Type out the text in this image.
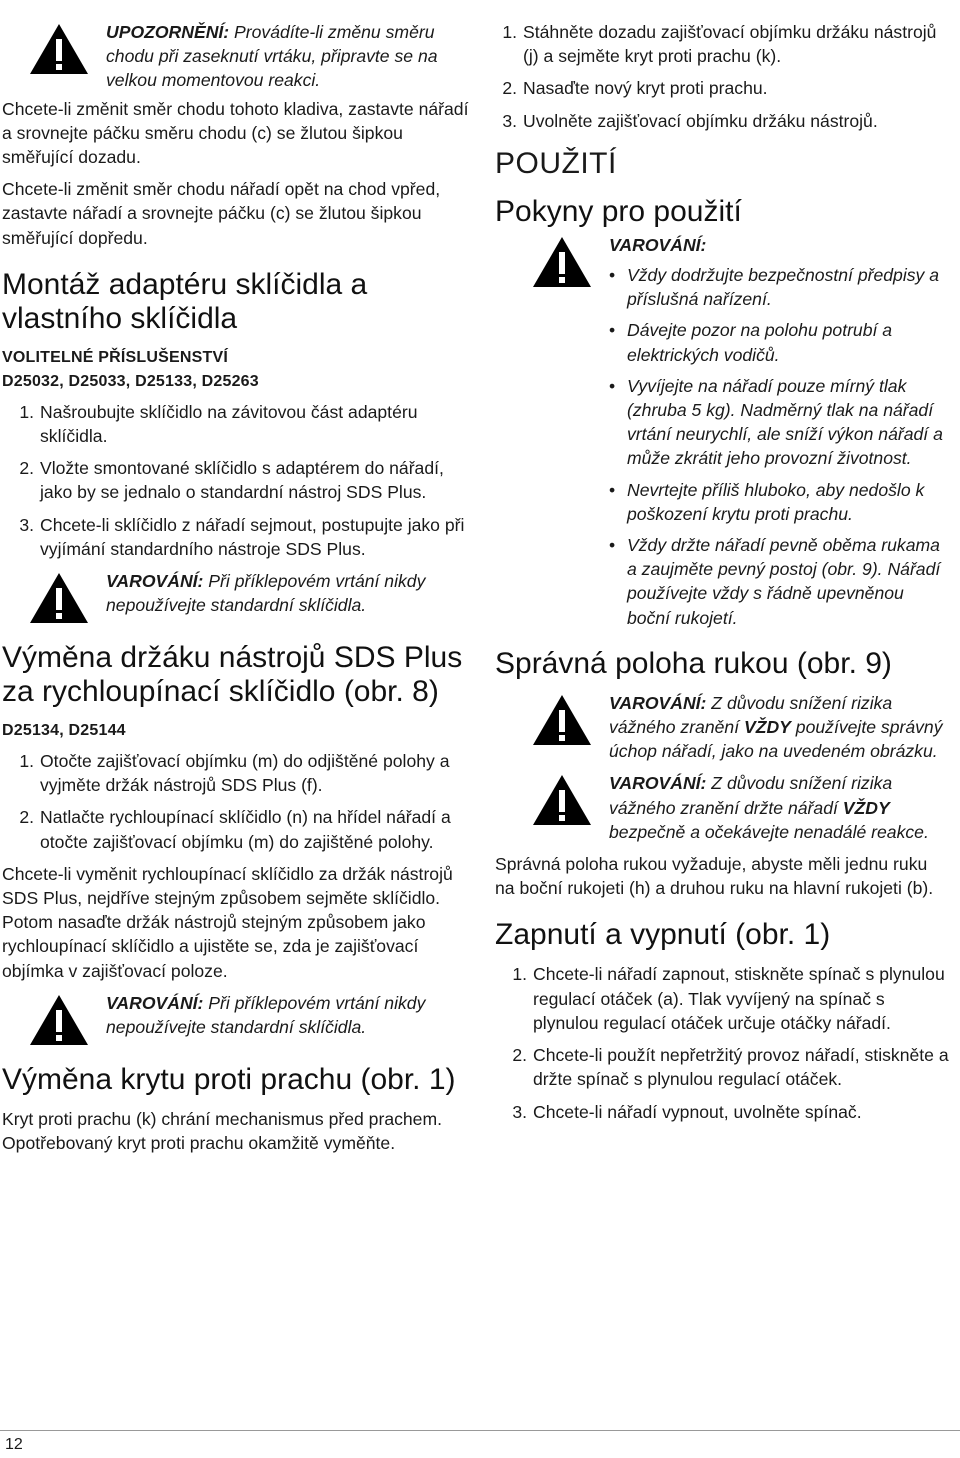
UPOZORNĚNÍ: Provádíte-li změnu směru chodu při zaseknutí vrtáku, připravte se na velkou momentovou reakci.

Chcete-li změnit směr chodu tohoto kladiva, zastavte nářadí a srovnejte páčku směru chodu (c) se žlutou šipkou směřující dozadu.

Chcete-li změnit směr chodu nářadí opět na chod vpřed, zastavte nářadí a srovnejte páčku (c) se žlutou šipkou směřující dopředu.

Montáž adaptéru sklíčidla a vlastního sklíčidla
VOLITELNÉ PŘÍSLUŠENSTVÍ
D25032, D25033, D25133, D25263
1. Našroubujte sklíčidlo na závitovou část adaptéru sklíčidla.
2. Vložte smontované sklíčidlo s adaptérem do nářadí, jako by se jednalo o standardní nástroj SDS Plus.
3. Chcete-li sklíčidlo z nářadí sejmout, postupujte jako při vyjímání standardního nástroje SDS Plus.
VAROVÁNÍ: Při příklepovém vrtání nikdy nepoužívejte standardní sklíčidla.
Výměna držáku nástrojů SDS Plus za rychloupínací sklíčidlo (obr. 8)
D25134, D25144
1. Otočte zajišťovací objímku (m) do odjištěné polohy a vyjměte držák nástrojů SDS Plus (f).
2. Natlačte rychloupínací sklíčidlo (n) na hřídel nářadí a otočte zajišťovací objímku (m) do zajištěné polohy.

Chcete-li vyměnit rychloupínací sklíčidlo za držák nástrojů SDS Plus, nejdříve stejným způsobem sejměte sklíčidlo. Potom nasaďte držák nástrojů stejným způsobem jako rychloupínací sklíčidlo a ujistěte se, zda je zajišťovací objímka v zajišťovací poloze.

VAROVÁNÍ: Při příklepovém vrtání nikdy nepoužívejte standardní sklíčidla.
Výměna krytu proti prachu (obr. 1)

Kryt proti prachu (k) chrání mechanismus před prachem. Opotřebovaný kryt proti prachu okamžitě vyměňte.

1. Stáhněte dozadu zajišťovací objímku držáku nástrojů (j) a sejměte kryt proti prachu (k).
2. Nasaďte nový kryt proti prachu.
3. Uvolněte zajišťovací objímku držáku nástrojů.
POUŽITÍ
Pokyny pro použití
VAROVÁNÍ:
• Vždy dodržujte bezpečnostní předpisy a příslušná nařízení.
• Dávejte pozor na polohu potrubí a elektrických vodičů.
• Vyvíjejte na nářadí pouze mírný tlak (zhruba 5 kg). Nadměrný tlak na nářadí vrtání neurychlí, ale sníží výkon nářadí a může zkrátit jeho provozní životnost.
• Nevrtejte příliš hluboko, aby nedošlo k poškození krytu proti prachu.
• Vždy držte nářadí pevně oběma rukama a zaujměte pevný postoj (obr. 9). Nářadí používejte vždy s řádně upevněnou boční rukojetí.
Správná poloha rukou (obr. 9)
VAROVÁNÍ: Z důvodu snížení rizika vážného zranění VŽDY používejte správný úchop nářadí, jako na uvedeném obrázku.
VAROVÁNÍ: Z důvodu snížení rizika vážného zranění držte nářadí VŽDY bezpečně a očekávejte nenadálé reakce.

Správná poloha rukou vyžaduje, abyste měli jednu ruku na boční rukojeti (h) a druhou ruku na hlavní rukojeti (b).

Zapnutí a vypnutí (obr. 1)
1. Chcete-li nářadí zapnout, stiskněte spínač s plynulou regulací otáček (a). Tlak vyvíjený na spínač s plynulou regulací otáček určuje otáčky nářadí.
2. Chcete-li použít nepřetržitý provoz nářadí, stiskněte a držte spínač s plynulou regulací otáček.
3. Chcete-li nářadí vypnout, uvolněte spínač.
12
